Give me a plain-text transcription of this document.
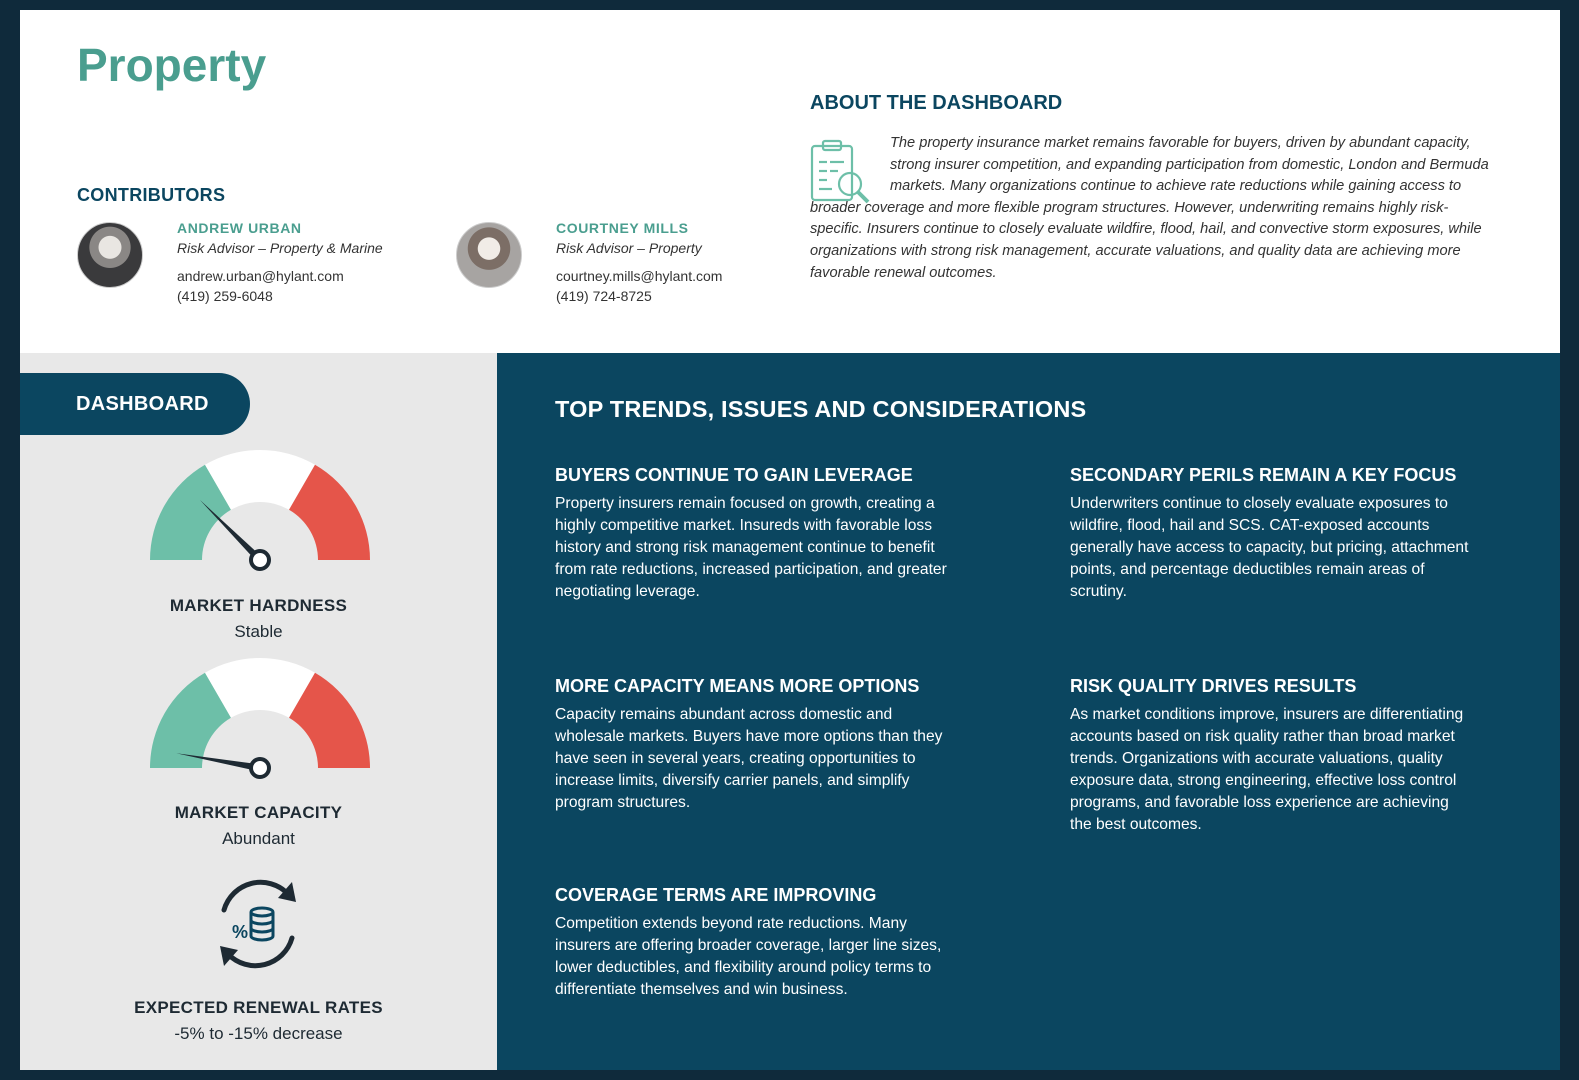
Property
CONTRIBUTORS
ANDREW URBAN
Risk Advisor – Property & Marine
andrew.urban@hylant.com
(419) 259-6048
COURTNEY MILLS
Risk Advisor – Property
courtney.mills@hylant.com
(419) 724-8725
ABOUT THE DASHBOARD
The property insurance market remains favorable for buyers, driven by abundant capacity, strong insurer competition, and expanding participation from domestic, London and Bermuda markets. Many organizations continue to achieve rate reductions while gaining access to broader coverage and more flexible program structures. However, underwriting remains highly risk-specific. Insurers continue to closely evaluate wildfire, flood, hail, and convective storm exposures, while organizations with strong risk management, accurate valuations, and quality data are achieving more favorable renewal outcomes.
DASHBOARD
MARKET HARDNESS
Stable
MARKET CAPACITY
Abundant
%
EXPECTED RENEWAL RATES
-5% to -15% decrease
TOP TRENDS, ISSUES AND CONSIDERATIONS
BUYERS CONTINUE TO GAIN LEVERAGE

Property insurers remain focused on growth, creating a highly competitive market. Insureds with favorable loss history and strong risk management continue to benefit from rate reductions, increased participation, and greater negotiating leverage.

MORE CAPACITY MEANS MORE OPTIONS

Capacity remains abundant across domestic and wholesale markets. Buyers have more options than they have seen in several years, creating opportunities to increase limits, diversify carrier panels, and simplify program structures.

COVERAGE TERMS ARE IMPROVING

Competition extends beyond rate reductions. Many insurers are offering broader coverage, larger line sizes, lower deductibles, and flexibility around policy terms to differentiate themselves and win business.

SECONDARY PERILS REMAIN A KEY FOCUS

Underwriters continue to closely evaluate exposures to wildfire, flood, hail and SCS. CAT-exposed accounts generally have access to capacity, but pricing, attachment points, and percentage deductibles remain areas of scrutiny.

RISK QUALITY DRIVES RESULTS

As market conditions improve, insurers are differentiating accounts based on risk quality rather than broad market trends. Organizations with accurate valuations, quality exposure data, strong engineering, effective loss control programs, and favorable loss experience are achieving the best outcomes.
